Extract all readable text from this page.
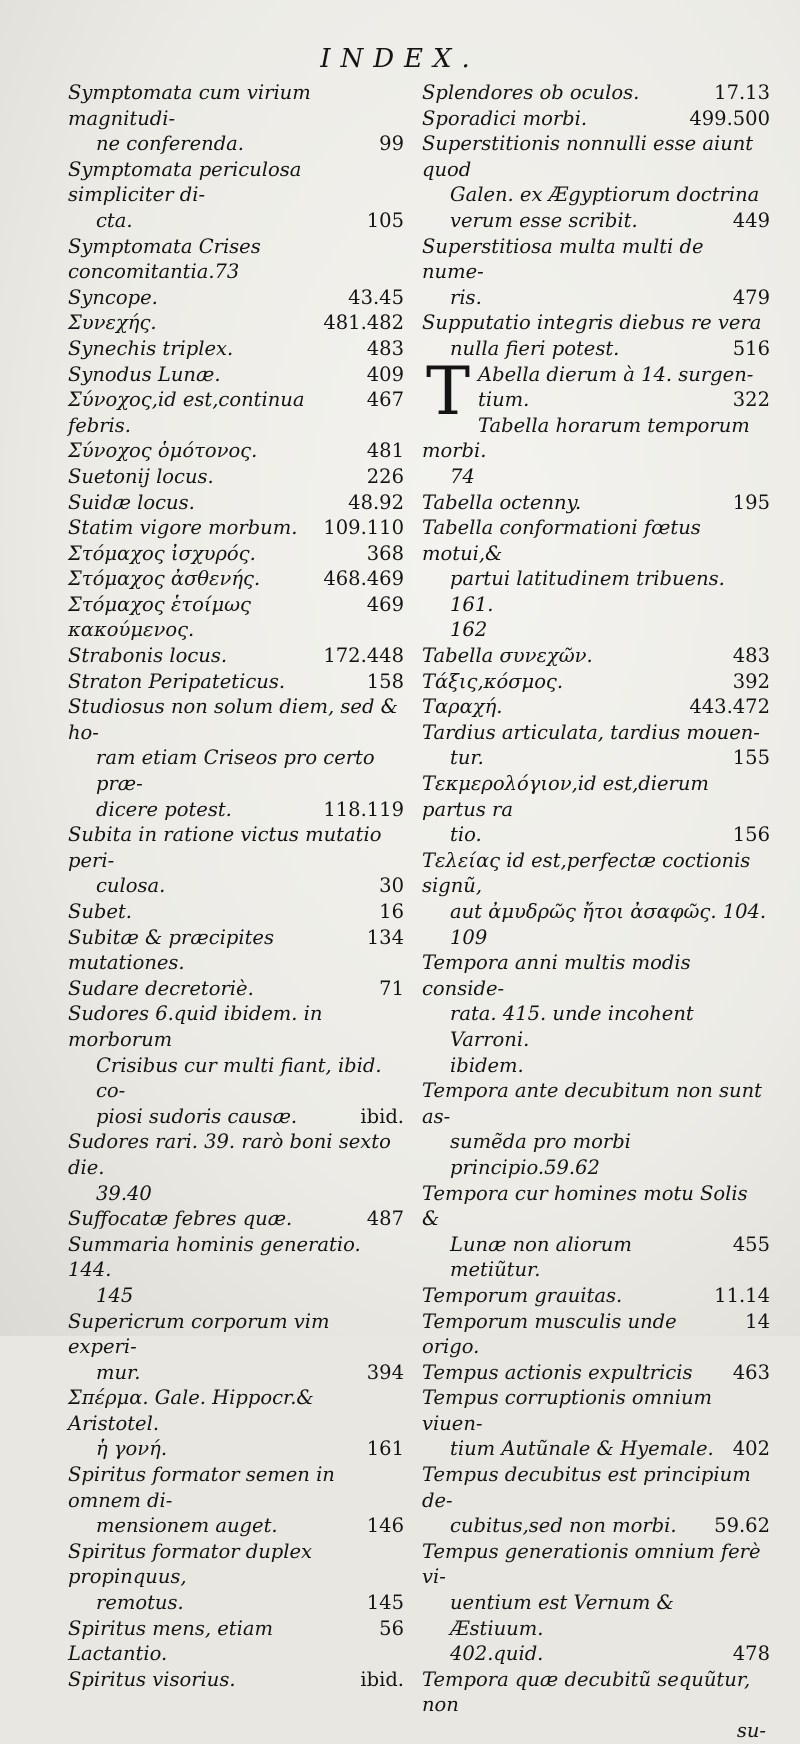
INDEX.
Symptomata cum virium magnitudi-
99
ne conferenda.
Symptomata periculosa simpliciter di-
105
cta.
Symptomata Crises concomitantia.73
43.45
Syncope.
481.482
Συνεχής.
483
Synechis triplex.
409
Synodus Lunæ.
467
Σύνοχος,id est,continua febris.
481
Σύνοχος ὁμότονος.
226
Suetonij locus.
48.92
Suidæ locus.
109.110
Statim vigore morbum.
368
Στόμαχος ἰσχυρός.
468.469
Στόμαχος ἀσθενής.
469
Στόμαχος ἑτοίμως κακούμενος.
172.448
Strabonis locus.
158
Straton Peripateticus.
Studiosus non solum diem, sed & ho-
ram etiam Criseos pro certo præ-
118.119
dicere potest.
Subita in ratione victus mutatio peri-
30
culosa.
16
Subet.
134
Subitæ & præcipites mutationes.
71
Sudare decretoriè.
Sudores 6.quid ibidem. in morborum
Crisibus cur multi fiant, ibid. co-
ibid.
piosi sudoris causæ.
Sudores rari. 39. rarò boni sexto die.
39.40
487
Suffocatæ febres quæ.
Summaria hominis generatio. 144.
145
Supericrum corporum vim experi-
394
mur.
Σπέρμα. Gale. Hippocr.& Aristotel.
161
ἡ γονή.
Spiritus formator semen in omnem di-
146
mensionem auget.
Spiritus formator duplex propinquus,
145
remotus.
56
Spiritus mens, etiam Lactantio.
ibid.
Spiritus visorius.
17.13
Splendores ob oculos.
499.500
Sporadici morbi.
Superstitionis nonnulli esse aiunt quod
Galen. ex Ægyptiorum doctrina
449
verum esse scribit.
Superstitiosa multa multi de nume-
479
ris.
Supputatio integris diebus re vera
516
nulla fieri potest.
T Abella dierum à 14. surgen-
322
tium.
Tabella horarum temporum morbi.
74
195
Tabella octenny.
Tabella conformationi fœtus motui,&
partui latitudinem tribuens. 161.
162
483
Tabella συνεχῶν.
392
Τάξις,κόσμος.
443.472
Ταραχή.
Tardius articulata, tardius mouen-
155
tur.
Τεκμερολόγιον,id est,dierum partus ra
156
tio.
Τελείας id est,perfectæ coctionis signũ,
aut ἀμυδρῶς ἤτοι ἀσαφῶς. 104.
109
Tempora anni multis modis conside-
rata. 415. unde incohent Varroni.
ibidem.
Tempora ante decubitum non sunt as-
sumẽda pro morbi principio.59.62
Tempora cur homines motu Solis &
455
Lunæ non aliorum metiũtur.
11.14
Temporum grauitas.
14
Temporum musculis unde origo.
463
Tempus actionis expultricis
Tempus corruptionis omnium viuen-
402
tium Autũnale & Hyemale.
Tempus decubitus est principium de-
59.62
cubitus,sed non morbi.
Tempus generationis omnium ferè vi-
uentium est Vernum & Æstiuum.
478
402.quid.
Tempora quæ decubitũ sequũtur, non
su-
